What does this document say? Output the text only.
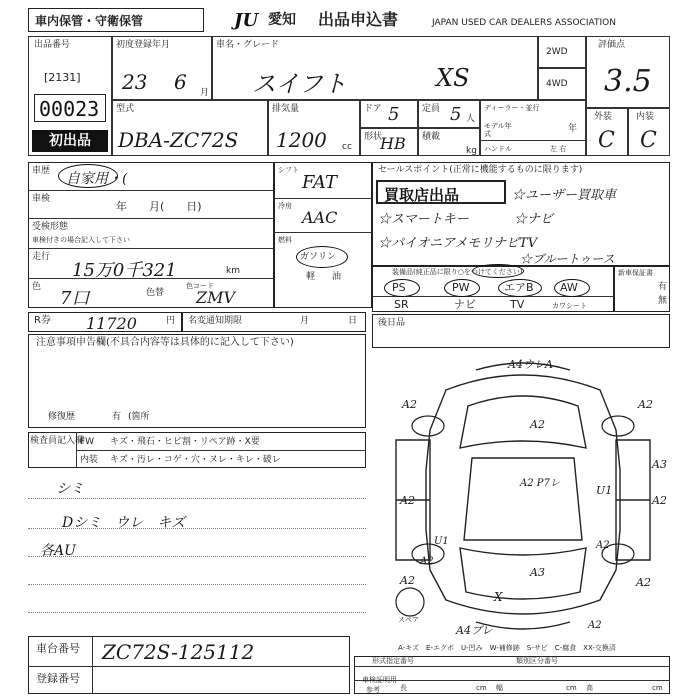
車内保管・守衛保管	JU 愛知 出品申込書	JAPAN USED CAR DEALERS ASSOCIATION
出品番号
[2131]
00023
初出品
初度登録年月
23 6 月
車名・グレード
スイフト	XS
2WD
4WD
評価点
3.5
外装	内装
C C
型式
DBA-ZC72S
排気量
1200 cc
ドア 5
形状
HB
定員 5 人
積載
kg
ディーラー・並行
モデル年式	年
ハンドル	左 右
車歴 自家用・(
車検
年　　月(　　日)
受検形態
車検付きの場合記入して下さい
走行
15万0千321	km
色
7口	色替
色コード
ZMV
シフト
FAT
冷房
AAC
燃料
ガソリン
軽 油
セールスポイント(正常に機能するものに限ります)
買取店出品	☆ユーザー買取車
☆スマートキー	☆ナビ
☆パイオニアメモリナビTV
☆ブルートゥース
装備品(純正品に限り○をつけてください)
PS	PW	エアB AW
SR	ナビ	TV	カワシート
新車保証書
有
無
R券 11720	円 名変通知期限	月	日 後日品
注意事項申告欄(不具合内容等は具体的に記入して下さい)
修復歴	有 (箇所
検査員記入欄
FW キズ・飛石・ヒビ割・リペア跡・X要
内装 キズ・汚レ・コゲ・穴・ヌレ・キレ・破レ
シミ
Dシミ　ウレ　キズ
各AU
A4ウレA
A2	A2
A2
A3
A2
U1
A2
A2 P7レ
A2
A3
A2
X
A4ブレ	A2
U1
A2
A2
スペア
A-キズ　E-エクボ　U-凹み　W-補修跡　S-サビ　C-腐食　XX-交換済
車台番号 ZC72S-125112
登録番号
形式指定番号	類別区分番号
車検証明用
参考	長	cm 幅	cm 高	cm
